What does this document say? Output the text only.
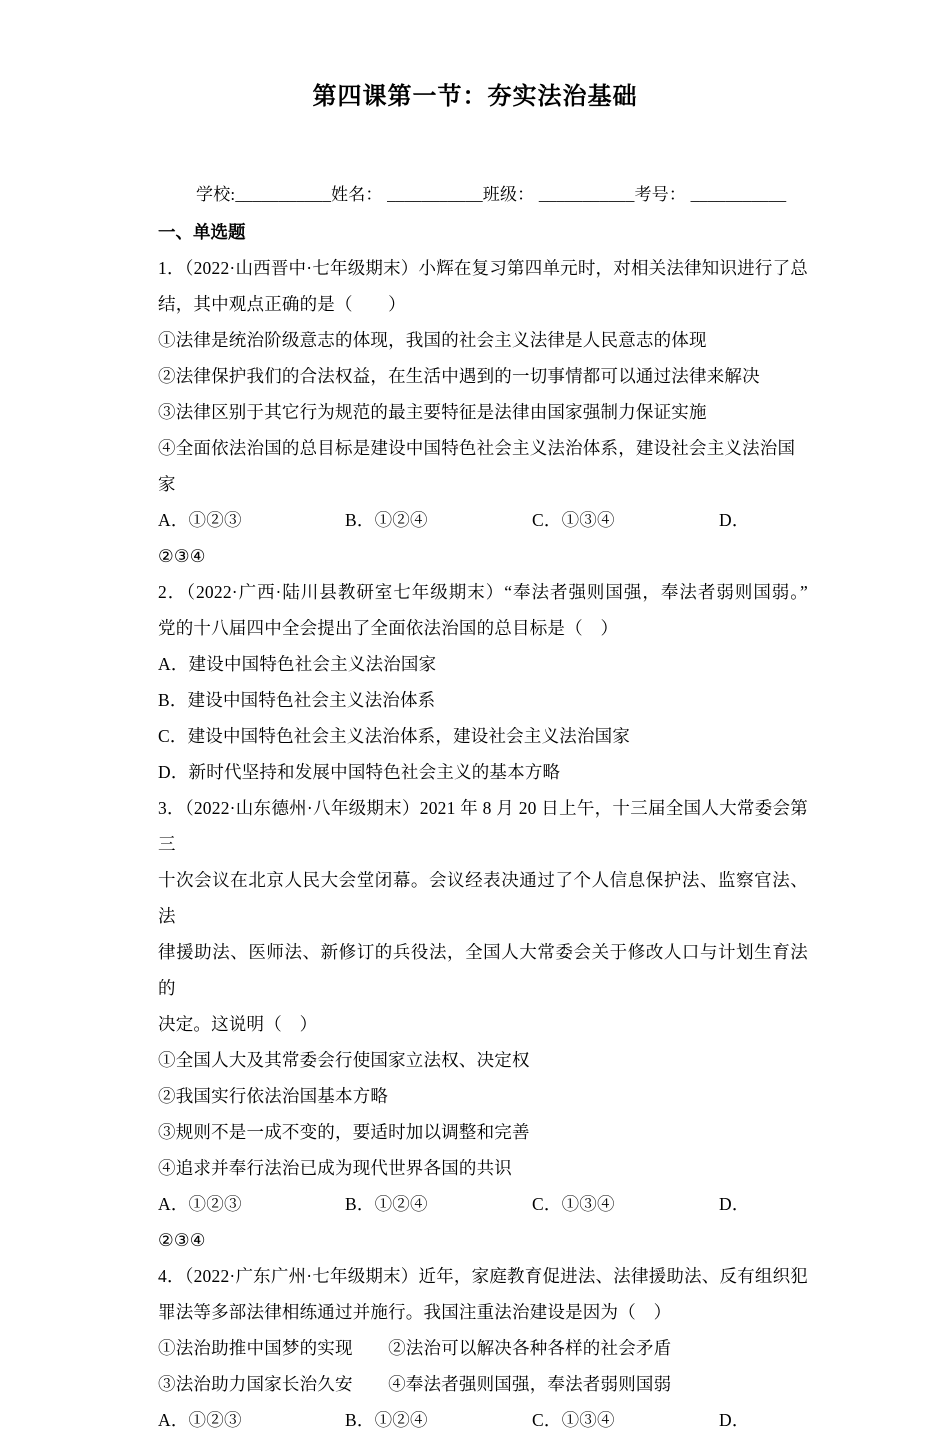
第四课第一节：夯实法治基础
学校:___________姓名： ___________班级： ___________考号： ___________

一、单选题

1．（2022·山西晋中·七年级期末）小辉在复习第四单元时，对相关法律知识进行了总
结，其中观点正确的是（　　）
①法律是统治阶级意志的体现，我国的社会主义法律是人民意志的体现
②法律保护我们的合法权益，在生活中遇到的一切事情都可以通过法律来解决
③法律区别于其它行为规范的最主要特征是法律由国家强制力保证实施
④全面依法治国的总目标是建设中国特色社会主义法治体系，建设社会主义法治国家
A．①②③	B．①②④	C．①③④	D．
②③④
2．（2022·广西·陆川县教研室七年级期末）“奉法者强则国强，奉法者弱则国弱。”
党的十八届四中全会提出了全面依法治国的总目标是（　）
A．建设中国特色社会主义法治国家
B．建设中国特色社会主义法治体系
C．建设中国特色社会主义法治体系，建设社会主义法治国家
D．新时代坚持和发展中国特色社会主义的基本方略
3．（2022·山东德州·八年级期末）2021 年 8 月 20 日上午，十三届全国人大常委会第三
十次会议在北京人民大会堂闭幕。会议经表决通过了个人信息保护法、监察官法、法
律援助法、医师法、新修订的兵役法，全国人大常委会关于修改人口与计划生育法的
决定。这说明（　）
①全国人大及其常委会行使国家立法权、决定权
②我国实行依法治国基本方略
③规则不是一成不变的，要适时加以调整和完善
④追求并奉行法治已成为现代世界各国的共识
A．①②③	B．①②④	C．①③④	D．
②③④
4．（2022·广东广州·七年级期末）近年，家庭教育促进法、法律援助法、反有组织犯
罪法等多部法律相练通过并施行。我国注重法治建设是因为（　）
①法治助推中国梦的实现　　②法治可以解决各种各样的社会矛盾
③法治助力国家长治久安　　④奉法者强则国强，奉法者弱则国弱
A．①②③	B．①②④	C．①③④	D．
